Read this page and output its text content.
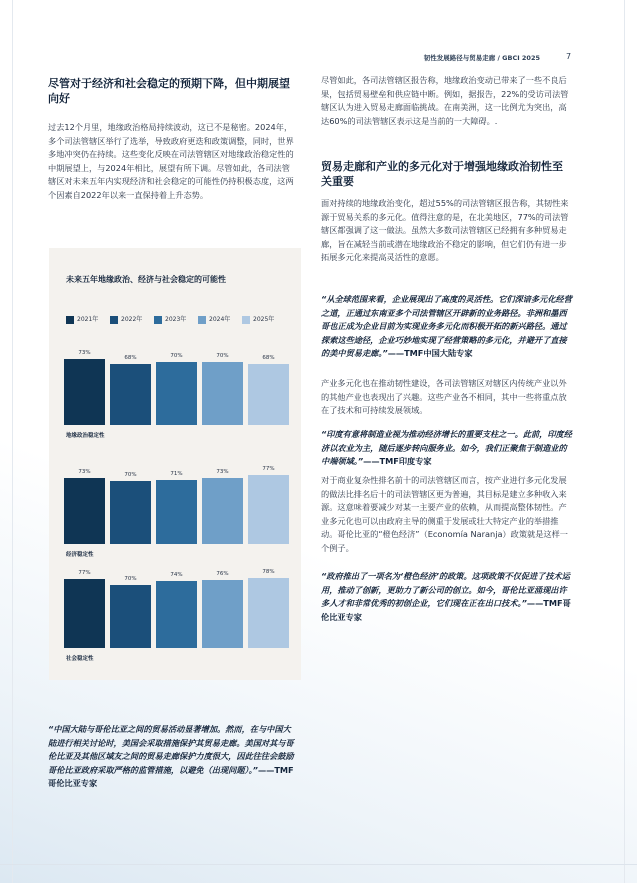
韧性发展路径与贸易走廊 / GBCI 2025	7
尽管对于经济和社会稳定的预期下降，但中期展望向好
过去12个月里，地缘政治格局持续波动，这已不是秘密。2024年，多个司法管辖区举行了选举，导致政府更迭和政策调整，同时，世界多地冲突仍在持续。这些变化反映在司法管辖区对地缘政治稳定性的中期展望上，与2024年相比，展望有所下调。尽管如此，各司法管辖区对未来五年内实现经济和社会稳定的可能性仍持积极态度，这两个因素自2022年以来一直保持着上升态势。
未来五年地缘政治、经济与社会稳定的可能性
2021年	2022年	2023年	2024年	2025年
73%
68%	70%	70%	68%
地缘政治稳定性
73%	70%	71%	73%	77%
经济稳定性
77%
70%
74%	76%	78%
社会稳定性
“中国大陆与哥伦比亚之间的贸易活动显著增加。然而，在与中国大陆进行相关讨论时，美国会采取措施保护其贸易走廊。美国对其与哥伦比亚及其他区域友之间的贸易走廊保护力度很大，因此往往会鼓励哥伦比亚政府采取严格的监管措施，以避免（出现问题）。”——TMF哥伦比亚专家
尽管如此，各司法管辖区报告称，地缘政治变动已带来了一些不良后果，包括贸易壁垒和供应链中断。例如，据报告，22%的受访司法管辖区认为进入贸易走廊面临挑战。在南美洲，这一比例尤为突出，高达60%的司法管辖区表示这是当前的一大障碍。.
贸易走廊和产业的多元化对于增强地缘政治韧性至关重要
面对持续的地缘政治变化，超过55%的司法管辖区报告称，其韧性来源于贸易关系的多元化。值得注意的是，在北美地区，77%的司法管辖区都强调了这一做法。虽然大多数司法管辖区已经拥有多种贸易走廊，旨在减轻当前或潜在地缘政治不稳定的影响，但它们仍有进一步拓展多元化来提高灵活性的意愿。
“从全球范围来看，企业展现出了高度的灵活性。它们深谙多元化经营之道，正通过东南亚多个司法管辖区开辟新的业务路径。非洲和墨西哥也正成为企业目前为实现业务多元化而积极开拓的新兴路径。通过探索这些途径，企业巧妙地实现了经营策略的多元化，并避开了直接的美中贸易走廊。”——TMF中国大陆专家
产业多元化也在推动韧性建设，各司法管辖区对辖区内传统产业以外的其他产业也表现出了兴趣。这些产业各不相同，其中一些将重点放在了技术和可持续发展领域。
“印度有意将制造业视为推动经济增长的重要支柱之一。此前，印度经济以农业为主，随后逐步转向服务业。如今，我们正聚焦于制造业的中端领域。”——TMF印度专家
对于商业复杂性排名前十的司法管辖区而言，按产业进行多元化发展的做法比排名后十的司法管辖区更为普遍，其目标是建立多种收入来源。这意味着要减少对某一主要产业的依赖，从而提高整体韧性。产业多元化也可以由政府主导的侧重于发展或壮大特定产业的举措推动。哥伦比亚的“橙色经济”（Economía Naranja）政策就是这样一个例子。
“政府推出了一项名为‘橙色经济’的政策。这项政策不仅促进了技术运用，推动了创新，更助力了新公司的创立。如今，哥伦比亚涌现出许多人才和非常优秀的初创企业，它们现在正在出口技术。”——TMF哥伦比亚专家
